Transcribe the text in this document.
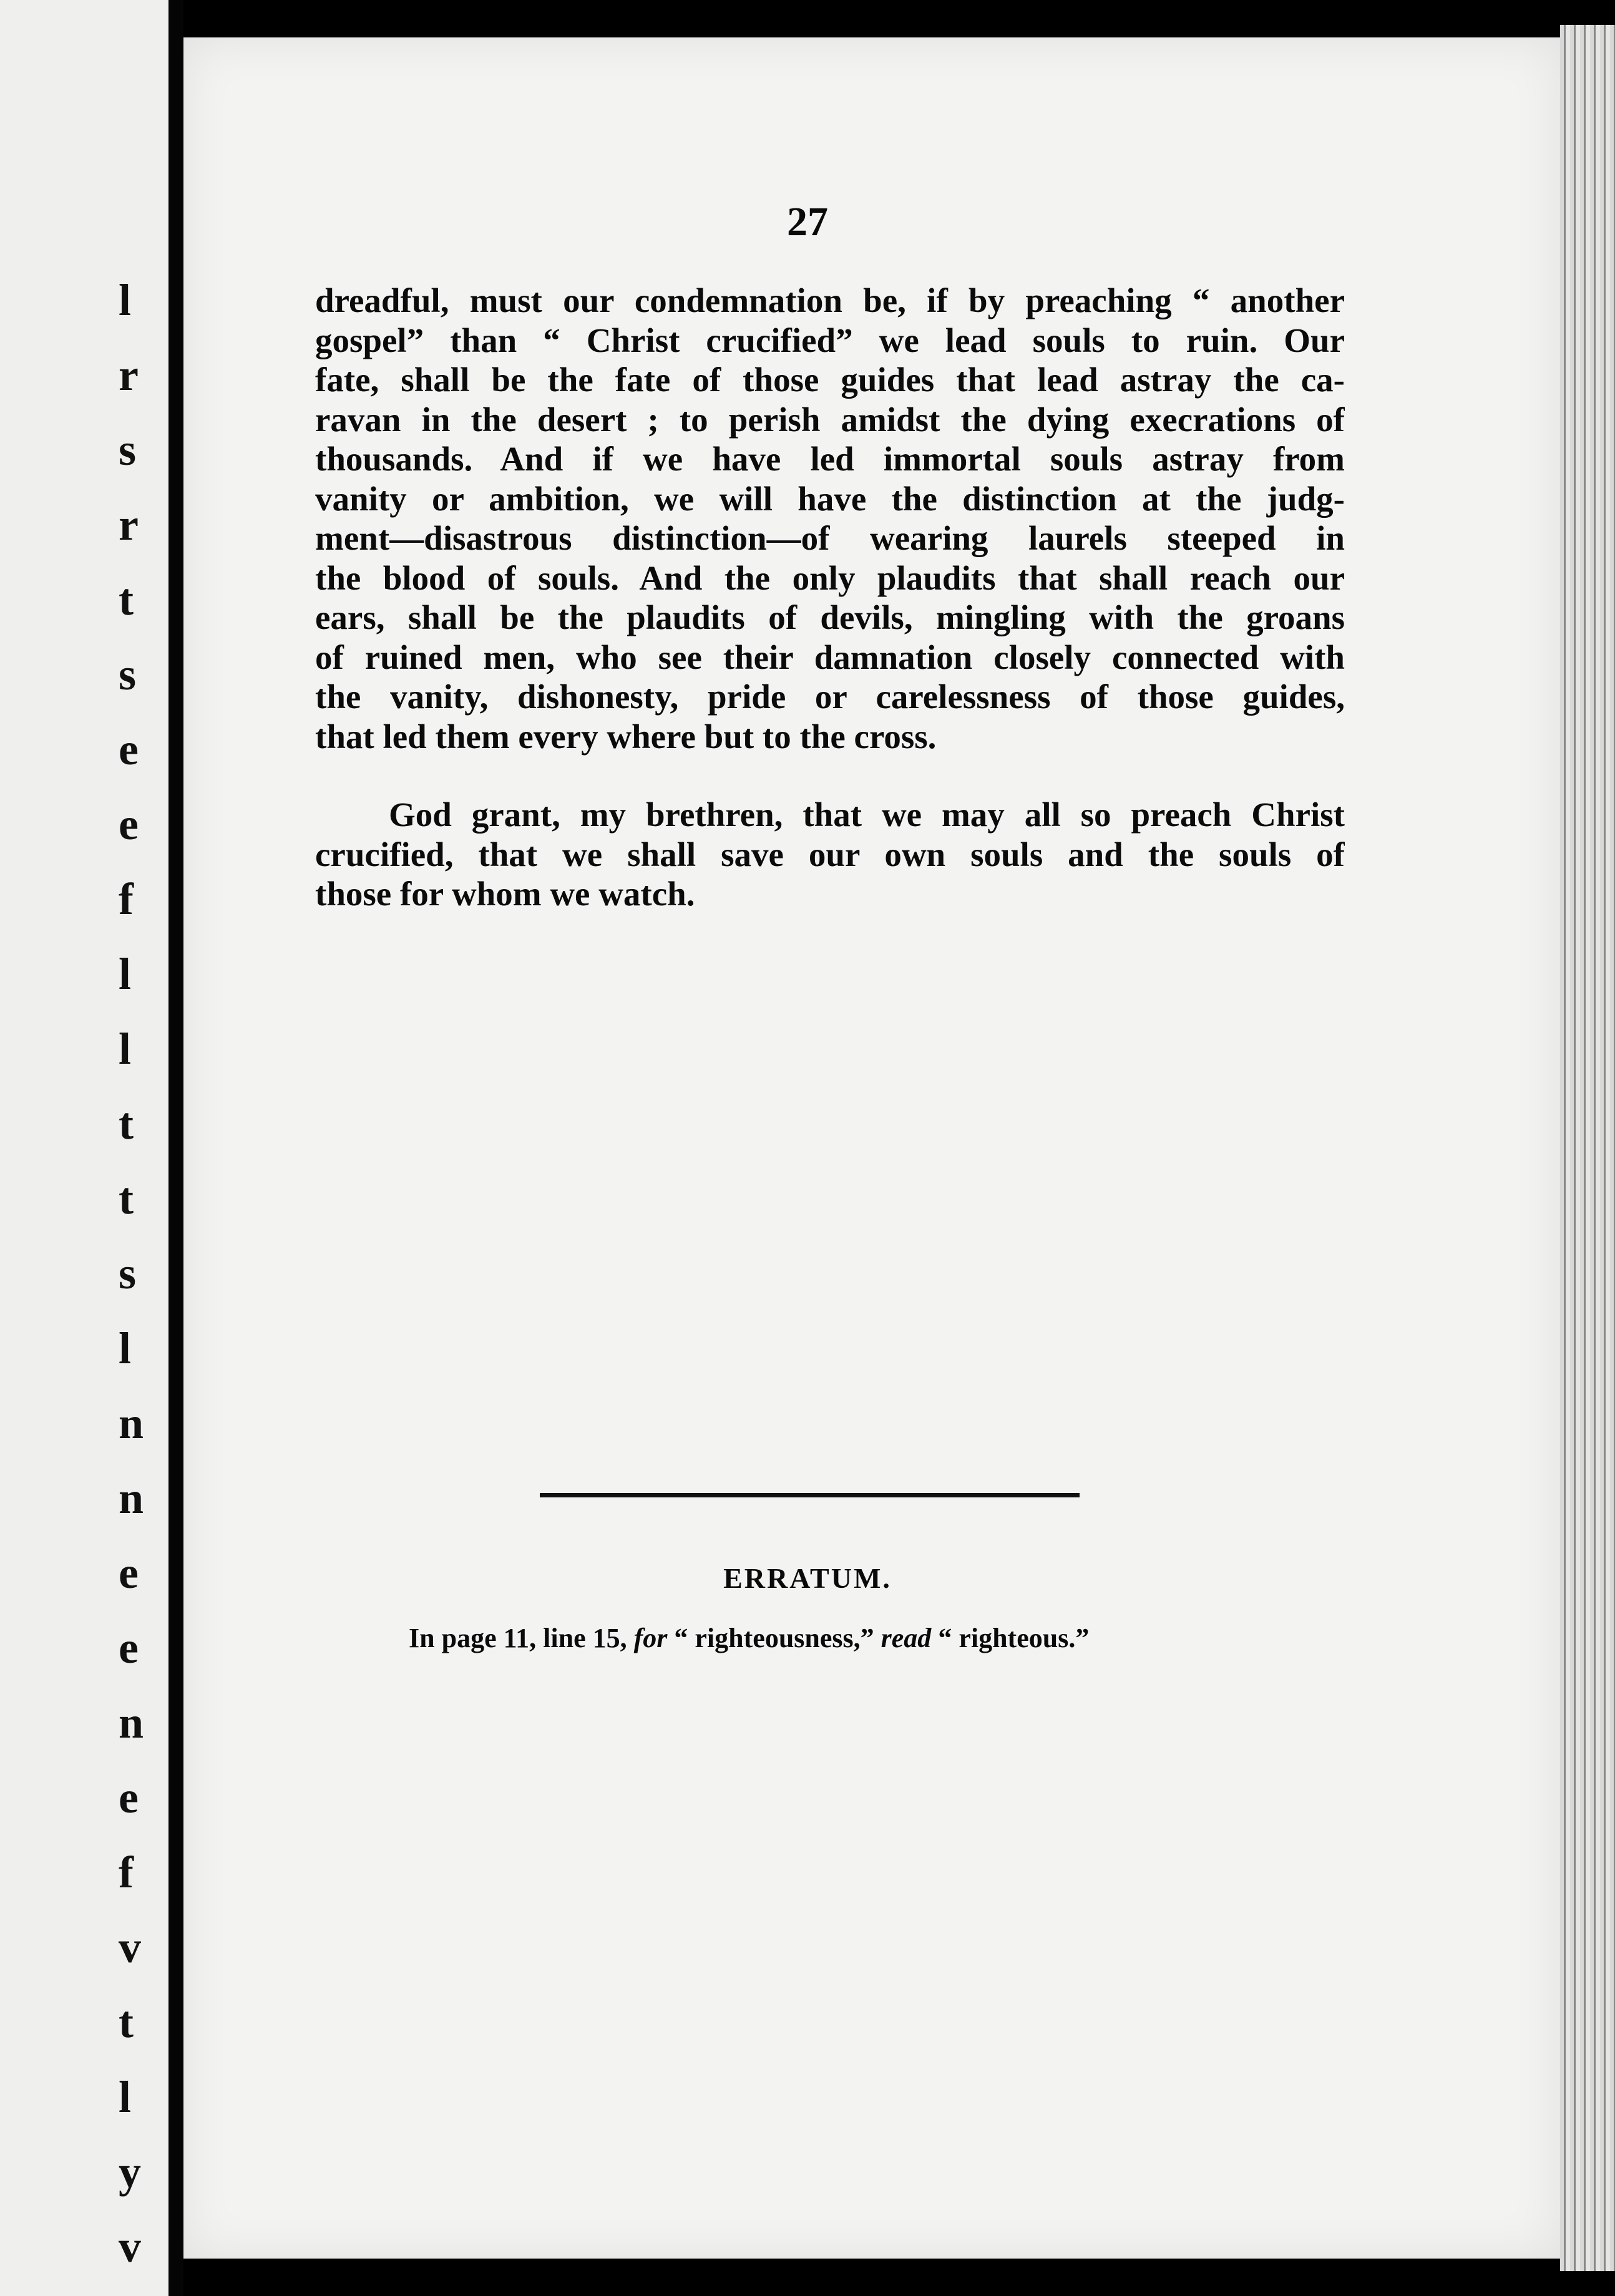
l
r
s
r
t
s
e
e
f
l
l
t
t
s
l
n
n
e
e
n
e
f
v
t
l
y
v
27
dreadful, must our condemnation be, if by preaching “ another
gospel” than “ Christ crucified” we lead souls to ruin. Our
fate, shall be the fate of those guides that lead astray the ca-
ravan in the desert ; to perish amidst the dying execrations of
thousands. And if we have led immortal souls astray from
vanity or ambition, we will have the distinction at the judg-
ment—disastrous distinction—of wearing laurels steeped in
the blood of souls. And the only plaudits that shall reach our
ears, shall be the plaudits of devils, mingling with the groans
of ruined men, who see their damnation closely connected with
the vanity, dishonesty, pride or carelessness of those guides,
that led them every where but to the cross.
God grant, my brethren, that we may all so preach Christ
crucified, that we shall save our own souls and the souls of
those for whom we watch.
ERRATUM.
In page 11, line 15, for “ righteousness,” read “ righteous.”
